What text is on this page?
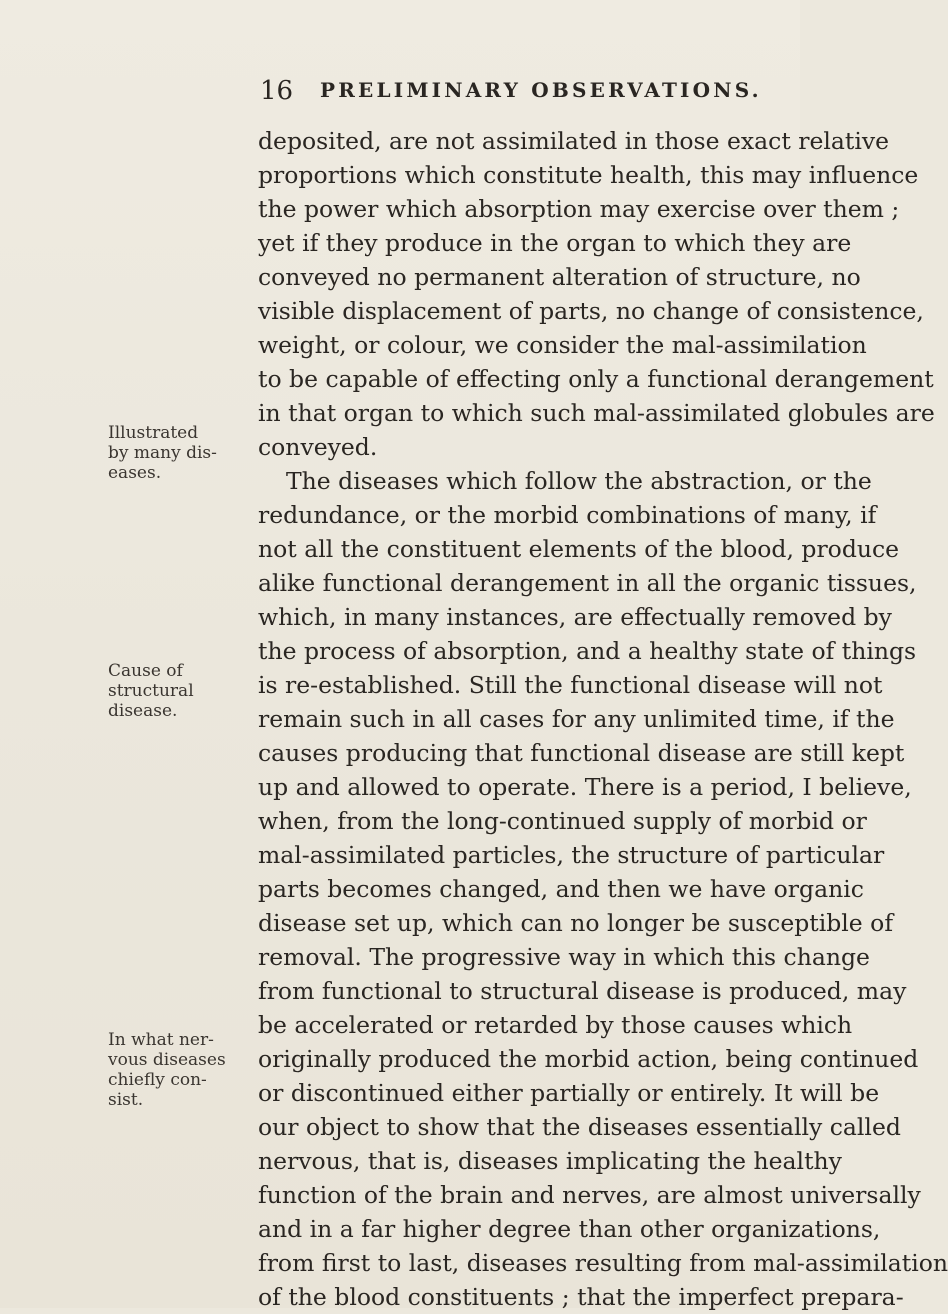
16 PRELIMINARY OBSERVATIONS.
Illustrated
by many dis-
eases.
Cause of
structural
disease.
In what ner-
vous diseases
chiefly con-
sist.
deposited, are not assimilated in those exact relative
proportions which constitute health, this may influence
the power which absorption may exercise over them ;
yet if they produce in the organ to which they are
conveyed no permanent alteration of structure, no
visible displacement of parts, no change of consistence,
weight, or colour, we consider the mal-assimilation
to be capable of effecting only a functional derangement
in that organ to which such mal-assimilated globules are
conveyed.
The diseases which follow the abstraction, or the
redundance, or the morbid combinations of many, if
not all the constituent elements of the blood, produce
alike functional derangement in all the organic tissues,
which, in many instances, are effectually removed by
the process of absorption, and a healthy state of things
is re-established. Still the functional disease will not
remain such in all cases for any unlimited time, if the
causes producing that functional disease are still kept
up and allowed to operate. There is a period, I believe,
when, from the long-continued supply of morbid or
mal-assimilated particles, the structure of particular
parts becomes changed, and then we have organic
disease set up, which can no longer be susceptible of
removal. The progressive way in which this change
from functional to structural disease is produced, may
be accelerated or retarded by those causes which
originally produced the morbid action, being continued
or discontinued either partially or entirely. It will be
our object to show that the diseases essentially called
nervous, that is, diseases implicating the healthy
function of the brain and nerves, are almost universally
and in a far higher degree than other organizations,
from first to last, diseases resulting from mal-assimilation
of the blood constituents ; that the imperfect prepara-
